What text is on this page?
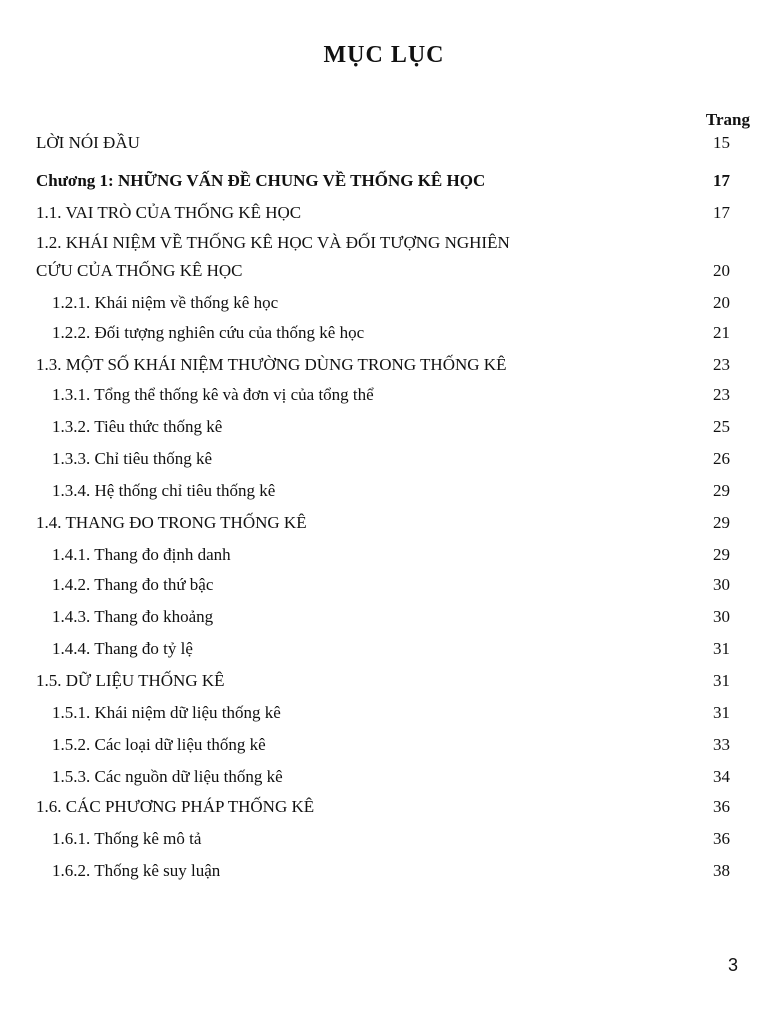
MỤC LỤC
Trang
LỜI NÓI ĐẦU	15
Chương 1: NHỮNG VẤN ĐỀ CHUNG VỀ THỐNG KÊ HỌC	17
1.1. VAI TRÒ CỦA THỐNG KÊ HỌC	17
1.2. KHÁI NIỆM VỀ THỐNG KÊ HỌC VÀ ĐỐI TƯỢNG NGHIÊN
CỨU CỦA THỐNG KÊ HỌC	20
1.2.1. Khái niệm về thống kê học	20
1.2.2. Đối tượng nghiên cứu của thống kê học	21
1.3. MỘT SỐ KHÁI NIỆM THƯỜNG DÙNG TRONG THỐNG KÊ	23
1.3.1. Tổng thể thống kê và đơn vị của tổng thể	23
1.3.2. Tiêu thức thống kê	25
1.3.3. Chỉ tiêu thống kê	26
1.3.4. Hệ thống chỉ tiêu thống kê	29
1.4. THANG ĐO TRONG THỐNG KÊ	29
1.4.1. Thang đo định danh	29
1.4.2. Thang đo thứ bậc	30
1.4.3. Thang đo khoảng	30
1.4.4. Thang đo tỷ lệ	31
1.5. DỮ LIỆU THỐNG KÊ	31
1.5.1. Khái niệm dữ liệu thống kê	31
1.5.2. Các loại dữ liệu thống kê	33
1.5.3. Các nguồn dữ liệu thống kê	34
1.6. CÁC PHƯƠNG PHÁP THỐNG KÊ	36
1.6.1. Thống kê mô tả	36
1.6.2. Thống kê suy luận	38
3
